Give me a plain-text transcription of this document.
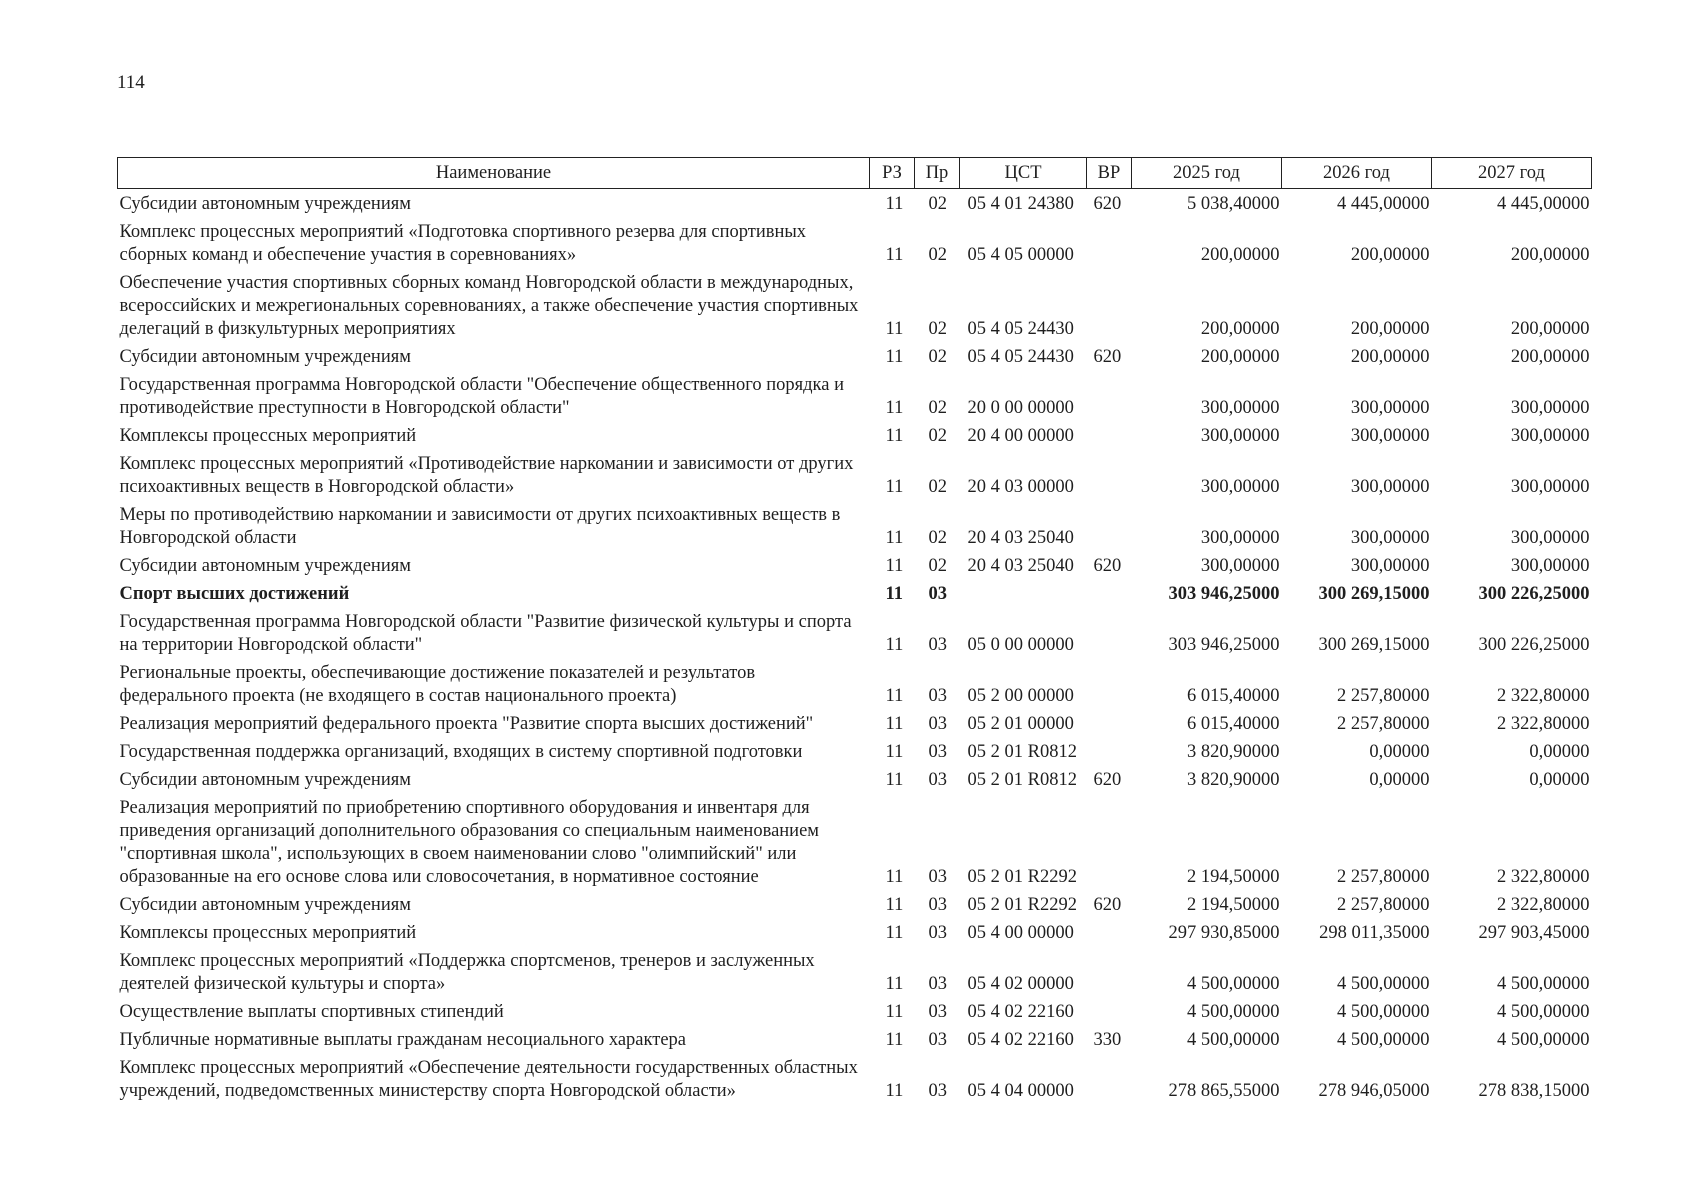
114
Наименование	РЗ	Пр	ЦСТ	ВР	2025 год	2026 год	2027 год
Субсидии автономным учреждениям	11	02	05 4 01 24380	620	5 038,40000	4 445,00000	4 445,00000
Комплекс процессных мероприятий «Подготовка спортивного резерва для спортивных сборных команд и обеспечение участия в соревнованиях»	11	02	05 4 05 00000		200,00000	200,00000	200,00000
Обеспечение участия спортивных сборных команд Новгородской области в международных, всероссийских и межрегиональных соревнованиях, а также обеспечение участия спортивных делегаций в физкультурных мероприятиях	11	02	05 4 05 24430		200,00000	200,00000	200,00000
Субсидии автономным учреждениям	11	02	05 4 05 24430	620	200,00000	200,00000	200,00000
Государственная программа Новгородской области "Обеспечение общественного порядка и противодействие преступности в Новгородской области"	11	02	20 0 00 00000		300,00000	300,00000	300,00000
Комплексы процессных мероприятий	11	02	20 4 00 00000		300,00000	300,00000	300,00000
Комплекс процессных мероприятий «Противодействие наркомании и зависимости от других психоактивных веществ в Новгородской области»	11	02	20 4 03 00000		300,00000	300,00000	300,00000
Меры по противодействию наркомании и зависимости от других психоактивных веществ в Новгородской области	11	02	20 4 03 25040		300,00000	300,00000	300,00000
Субсидии автономным учреждениям	11	02	20 4 03 25040	620	300,00000	300,00000	300,00000
Спорт высших достижений	11	03			303 946,25000	300 269,15000	300 226,25000
Государственная программа Новгородской области "Развитие физической культуры и спорта на территории Новгородской области"	11	03	05 0 00 00000		303 946,25000	300 269,15000	300 226,25000
Региональные проекты, обеспечивающие достижение показателей и результатов федерального проекта (не входящего в состав национального проекта)	11	03	05 2 00 00000		6 015,40000	2 257,80000	2 322,80000
Реализация мероприятий федерального проекта "Развитие спорта высших достижений"	11	03	05 2 01 00000		6 015,40000	2 257,80000	2 322,80000
Государственная поддержка организаций, входящих в систему спортивной подготовки	11	03	05 2 01 R0812		3 820,90000	0,00000	0,00000
Субсидии автономным учреждениям	11	03	05 2 01 R0812	620	3 820,90000	0,00000	0,00000
Реализация мероприятий по приобретению спортивного оборудования и инвентаря для приведения организаций дополнительного образования со специальным наименованием "спортивная школа", использующих в своем наименовании слово "олимпийский" или образованные на его основе слова или словосочетания, в нормативное состояние	11	03	05 2 01 R2292		2 194,50000	2 257,80000	2 322,80000
Субсидии автономным учреждениям	11	03	05 2 01 R2292	620	2 194,50000	2 257,80000	2 322,80000
Комплексы процессных мероприятий	11	03	05 4 00 00000		297 930,85000	298 011,35000	297 903,45000
Комплекс процессных мероприятий «Поддержка спортсменов, тренеров и заслуженных деятелей физической культуры и спорта»	11	03	05 4 02 00000		4 500,00000	4 500,00000	4 500,00000
Осуществление выплаты спортивных стипендий	11	03	05 4 02 22160		4 500,00000	4 500,00000	4 500,00000
Публичные нормативные выплаты гражданам несоциального характера	11	03	05 4 02 22160	330	4 500,00000	4 500,00000	4 500,00000
Комплекс процессных мероприятий «Обеспечение деятельности государственных областных учреждений, подведомственных министерству спорта Новгородской области»	11	03	05 4 04 00000		278 865,55000	278 946,05000	278 838,15000
